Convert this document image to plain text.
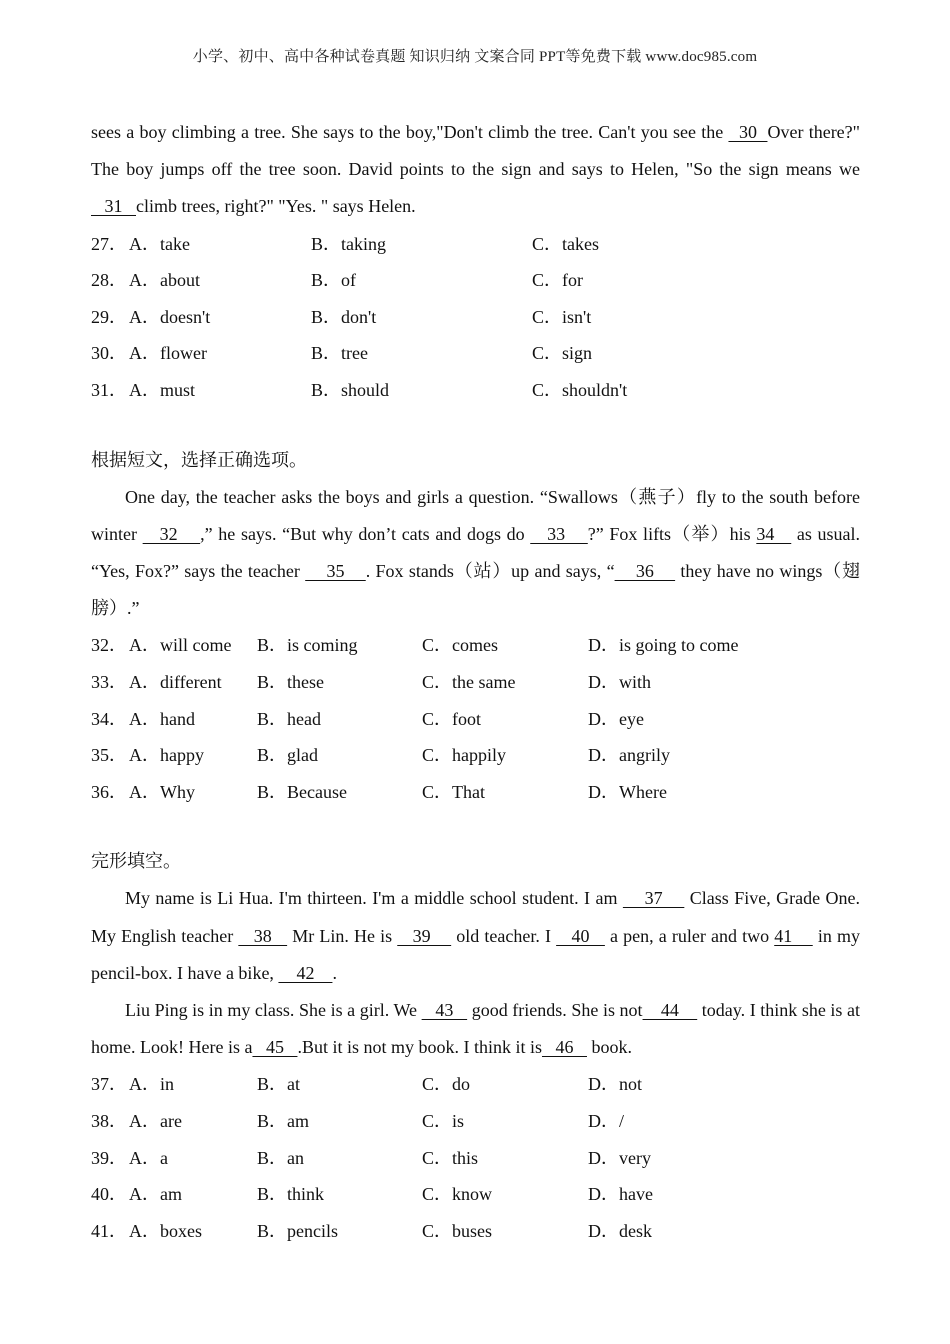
小学、初中、高中各种试卷真题 知识归纳 文案合同 PPT等免费下载 www.doc985.com

sees a boy climbing a tree. She says to the boy,"Don't climb the tree. Can't you see the   30  Over there?" The boy jumps off the tree soon. David points to the sign and says to Helen, "So the sign means we   31   climb trees, right?" "Yes. " says Helen.

27． A．take	B．taking	C．takes
28． A．about	B．of	C．for
29． A．doesn't	B．don't	C．isn't
30． A．flower	B．tree	C．sign
31． A．must	B．should	C．shouldn't
根据短文，选择正确选项。

One day, the teacher asks the boys and girls a question. “Swallows（燕子）fly to the south before winter    32    ,” he says. “But why don’t cats and dogs do    33    ?” Fox lifts（举）his 34    as usual. “Yes, Fox?” says the teacher     35    . Fox stands（站）up and says, “    36     they have no wings（翅膀）.”

32． A．will come B．is coming	C．comes	D．is going to come
33． A．different B．these	C．the same	D．with
34． A．hand	B．head	C．foot	D．eye
35． A．happy	B．glad	C．happily	D．angrily
36． A．Why	B．Because	C．That	D．Where
完形填空。

My name is Li Hua. I'm thirteen. I'm a middle school student. I am     37     Class Five, Grade One. My English teacher    38    Mr Lin. He is    39     old teacher. I    40    a pen, a ruler and two 41     in my pencil-box. I have a bike,     42    .

Liu Ping is in my class. She is a girl. We    43    good friends. She is not    44     today. I think she is at home. Look! Here is a   45   .But it is not my book. I think it is   46    book.

37． A．in	B．at	C．do	D．not
38． A．are	B．am	C．is	D．/
39． A．a	B．an	C．this	D．very
40． A．am	B．think	C．know	D．have
41． A．boxes	B．pencils	C．buses	D．desk
